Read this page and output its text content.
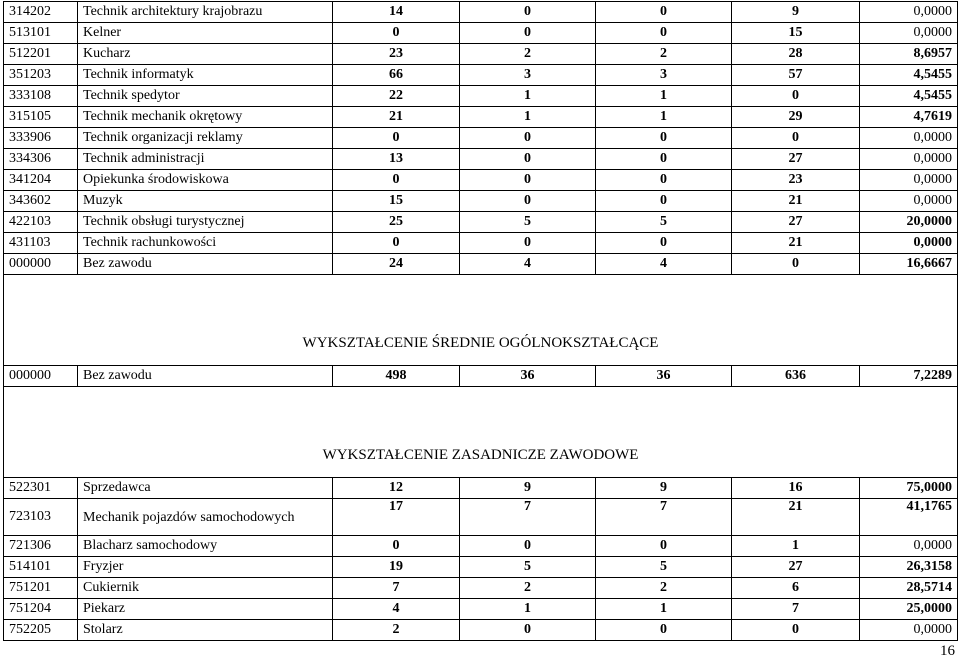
314202	Technik architektury krajobrazu	14	0	0	9	0,0000
513101	Kelner	0	0	0	15	0,0000
512201	Kucharz	23	2	2	28	8,6957
351203	Technik informatyk	66	3	3	57	4,5455
333108	Technik spedytor	22	1	1	0	4,5455
315105	Technik mechanik okrętowy	21	1	1	29	4,7619
333906	Technik organizacji reklamy	0	0	0	0	0,0000
334306	Technik administracji	13	0	0	27	0,0000
341204	Opiekunka środowiskowa	0	0	0	23	0,0000
343602	Muzyk	15	0	0	21	0,0000
422103	Technik obsługi turystycznej	25	5	5	27	20,0000
431103	Technik rachunkowości	0	0	0	21	0,0000
000000	Bez zawodu	24	4	4	0	16,6667
WYKSZTAŁCENIE ŚREDNIE OGÓLNOKSZTAŁCĄCE						
000000	Bez zawodu	498	36	36	636	7,2289
WYKSZTAŁCENIE ZASADNICZE ZAWODOWE						
522301	Sprzedawca	12	9	9	16	75,0000
723103	Mechanik pojazdów samochodowych	17	7	7	21	41,1765
721306	Blacharz samochodowy	0	0	0	1	0,0000
514101	Fryzjer	19	5	5	27	26,3158
751201	Cukiernik	7	2	2	6	28,5714
751204	Piekarz	4	1	1	7	25,0000
752205	Stolarz	2	0	0	0	0,0000
16
